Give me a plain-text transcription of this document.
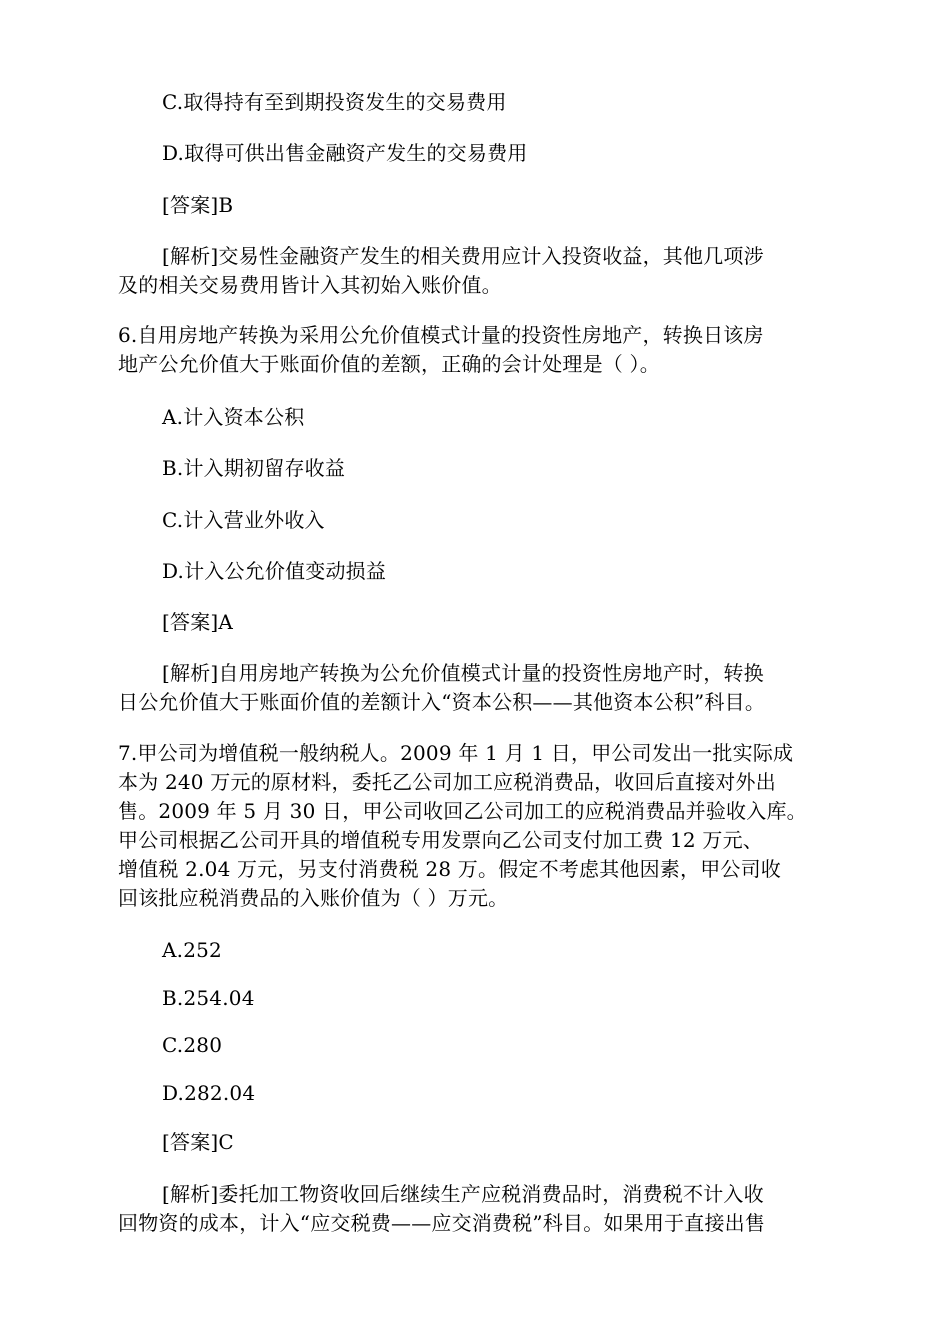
C.取得持有至到期投资发生的交易费用
D.取得可供出售金融资产发生的交易费用
[答案]B
[解析]交易性金融资产发生的相关费用应计入投资收益，其他几项涉
及的相关交易费用皆计入其初始入账价值。
6.自用房地产转换为采用公允价值模式计量的投资性房地产，转换日该房
地产公允价值大于账面价值的差额，正确的会计处理是（ ）。
A.计入资本公积
B.计入期初留存收益
C.计入营业外收入
D.计入公允价值变动损益
[答案]A
[解析]自用房地产转换为公允价值模式计量的投资性房地产时，转换
日公允价值大于账面价值的差额计入“资本公积——其他资本公积”科目。
7.甲公司为增值税一般纳税人。2009 年 1 月 1 日，甲公司发出一批实际成
本为 240 万元的原材料，委托乙公司加工应税消费品，收回后直接对外出
售。2009 年 5 月 30 日，甲公司收回乙公司加工的应税消费品并验收入库。
甲公司根据乙公司开具的增值税专用发票向乙公司支付加工费 12 万元、
增值税 2.04 万元，另支付消费税 28 万。假定不考虑其他因素，甲公司收
回该批应税消费品的入账价值为（ ）万元。
A.252
B.254.04
C.280
D.282.04
[答案]C
[解析]委托加工物资收回后继续生产应税消费品时，消费税不计入收
回物资的成本，计入“应交税费——应交消费税”科目。如果用于直接出售
